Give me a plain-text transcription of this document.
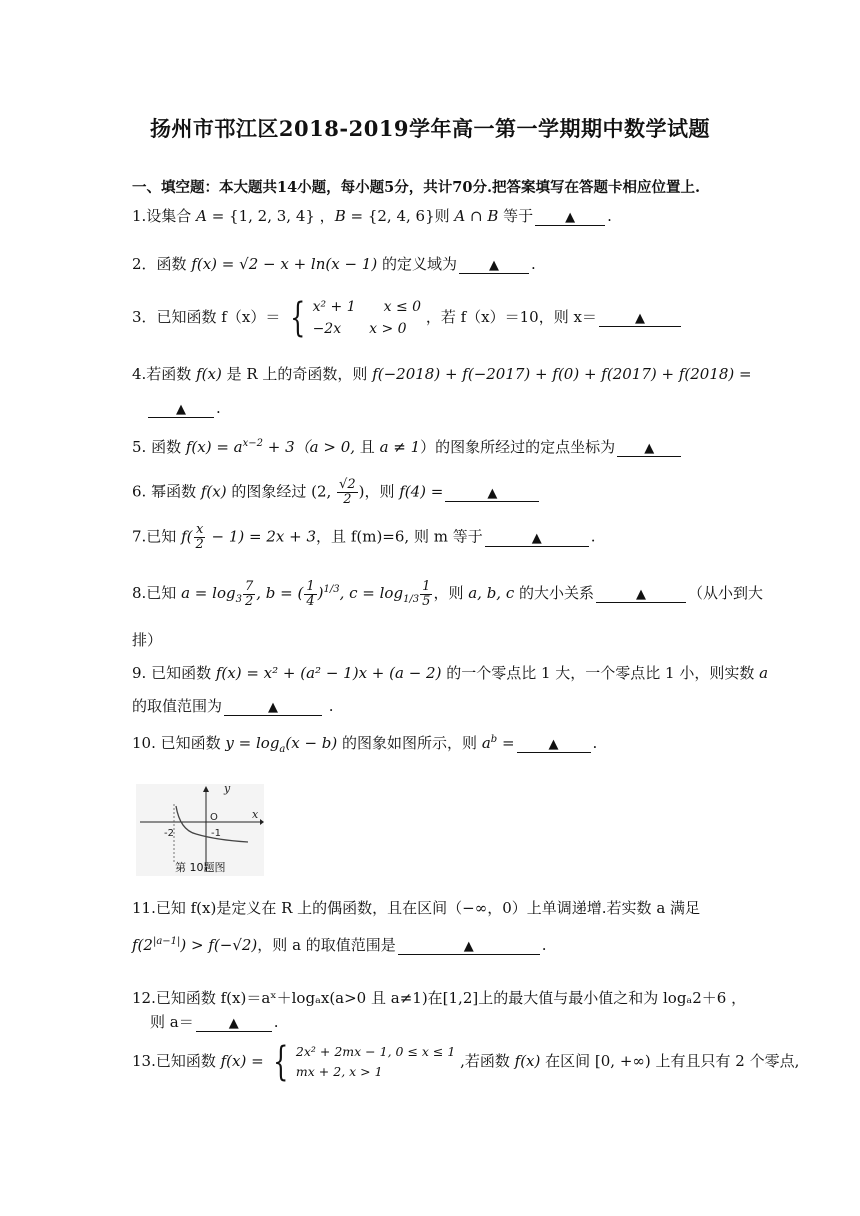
扬州市邗江区2018-2019学年高一第一学期期中数学试题
一、填空题：本大题共14小题，每小题5分，共计70分.把答案填写在答题卡相应位置上.
1.设集合 A = {1, 2, 3, 4} ，B = {2, 4, 6}则 A ∩ B 等于 ▲ .
2．函数 f(x) = √2 − x + ln(x − 1) 的定义域为 ▲ .
3．已知函数 f（x）＝ { x² + 1　　x ≤ 0
−2x　　x > 0
，若 f（x）＝10，则 x＝	▲
4.若函数 f(x) 是 R 上的奇函数，则 f(−2018) + f(−2017) + f(0) + f(2017) + f(2018) =
▲ .
5. 函数 $f(x) = a^{x-2} + 3(a > 0$, 且 a ≠ 1）的图象所经过的定点坐标为 ▲
6. 幂函数 f(x) 的图象经过 (2, $\frac{√2}{2}$ )，则 f(4) =	▲
7.已知 $f( \frac{x}{2} - 1) = 2x + 3$，且 f(m)=6, 则 m 等于	▲	.
8.已知 $a = \log_3 \frac{7}{2}$ , b = ( $\frac{1}{4} )^{1/3}$, $c = \log_{1/3} \frac{1}{5}$ ，则 a, b, c 的大小关系	▲	（从小到大
排）
9. 已知函数 f(x) = x² + (a² − 1)x + (a − 2) 的一个零点比 1 大，一个零点比 1 小，则实数 a
的取值范围为	▲	.
10. 已知函数 $y = \log_a(x - b)$ 的图象如图所示，则 $a^b$ =	▲ .
y
x
O
-2	-1
第 10题图
11.已知 f(x)是定义在 R 上的偶函数，且在区间（−∞，0）上单调递增.若实数 a 满足
$f(2^{|a-1|}) > f(-√2)$，则 a 的取值范围是	▲	.
12.已知函数 f(x)＝aˣ＋logₐx(a>0 且 a≠1)在[1,2]上的最大值与最小值之和为 logₐ2＋6 ，
则 a＝	▲ .
13.已知函数 f(x) = { 2x² + 2mx − 1, 0 ≤ x ≤ 1
mx + 2, x > 1
,若函数 f(x) 在区间 [0, +∞) 上有且只有 2 个零点,
